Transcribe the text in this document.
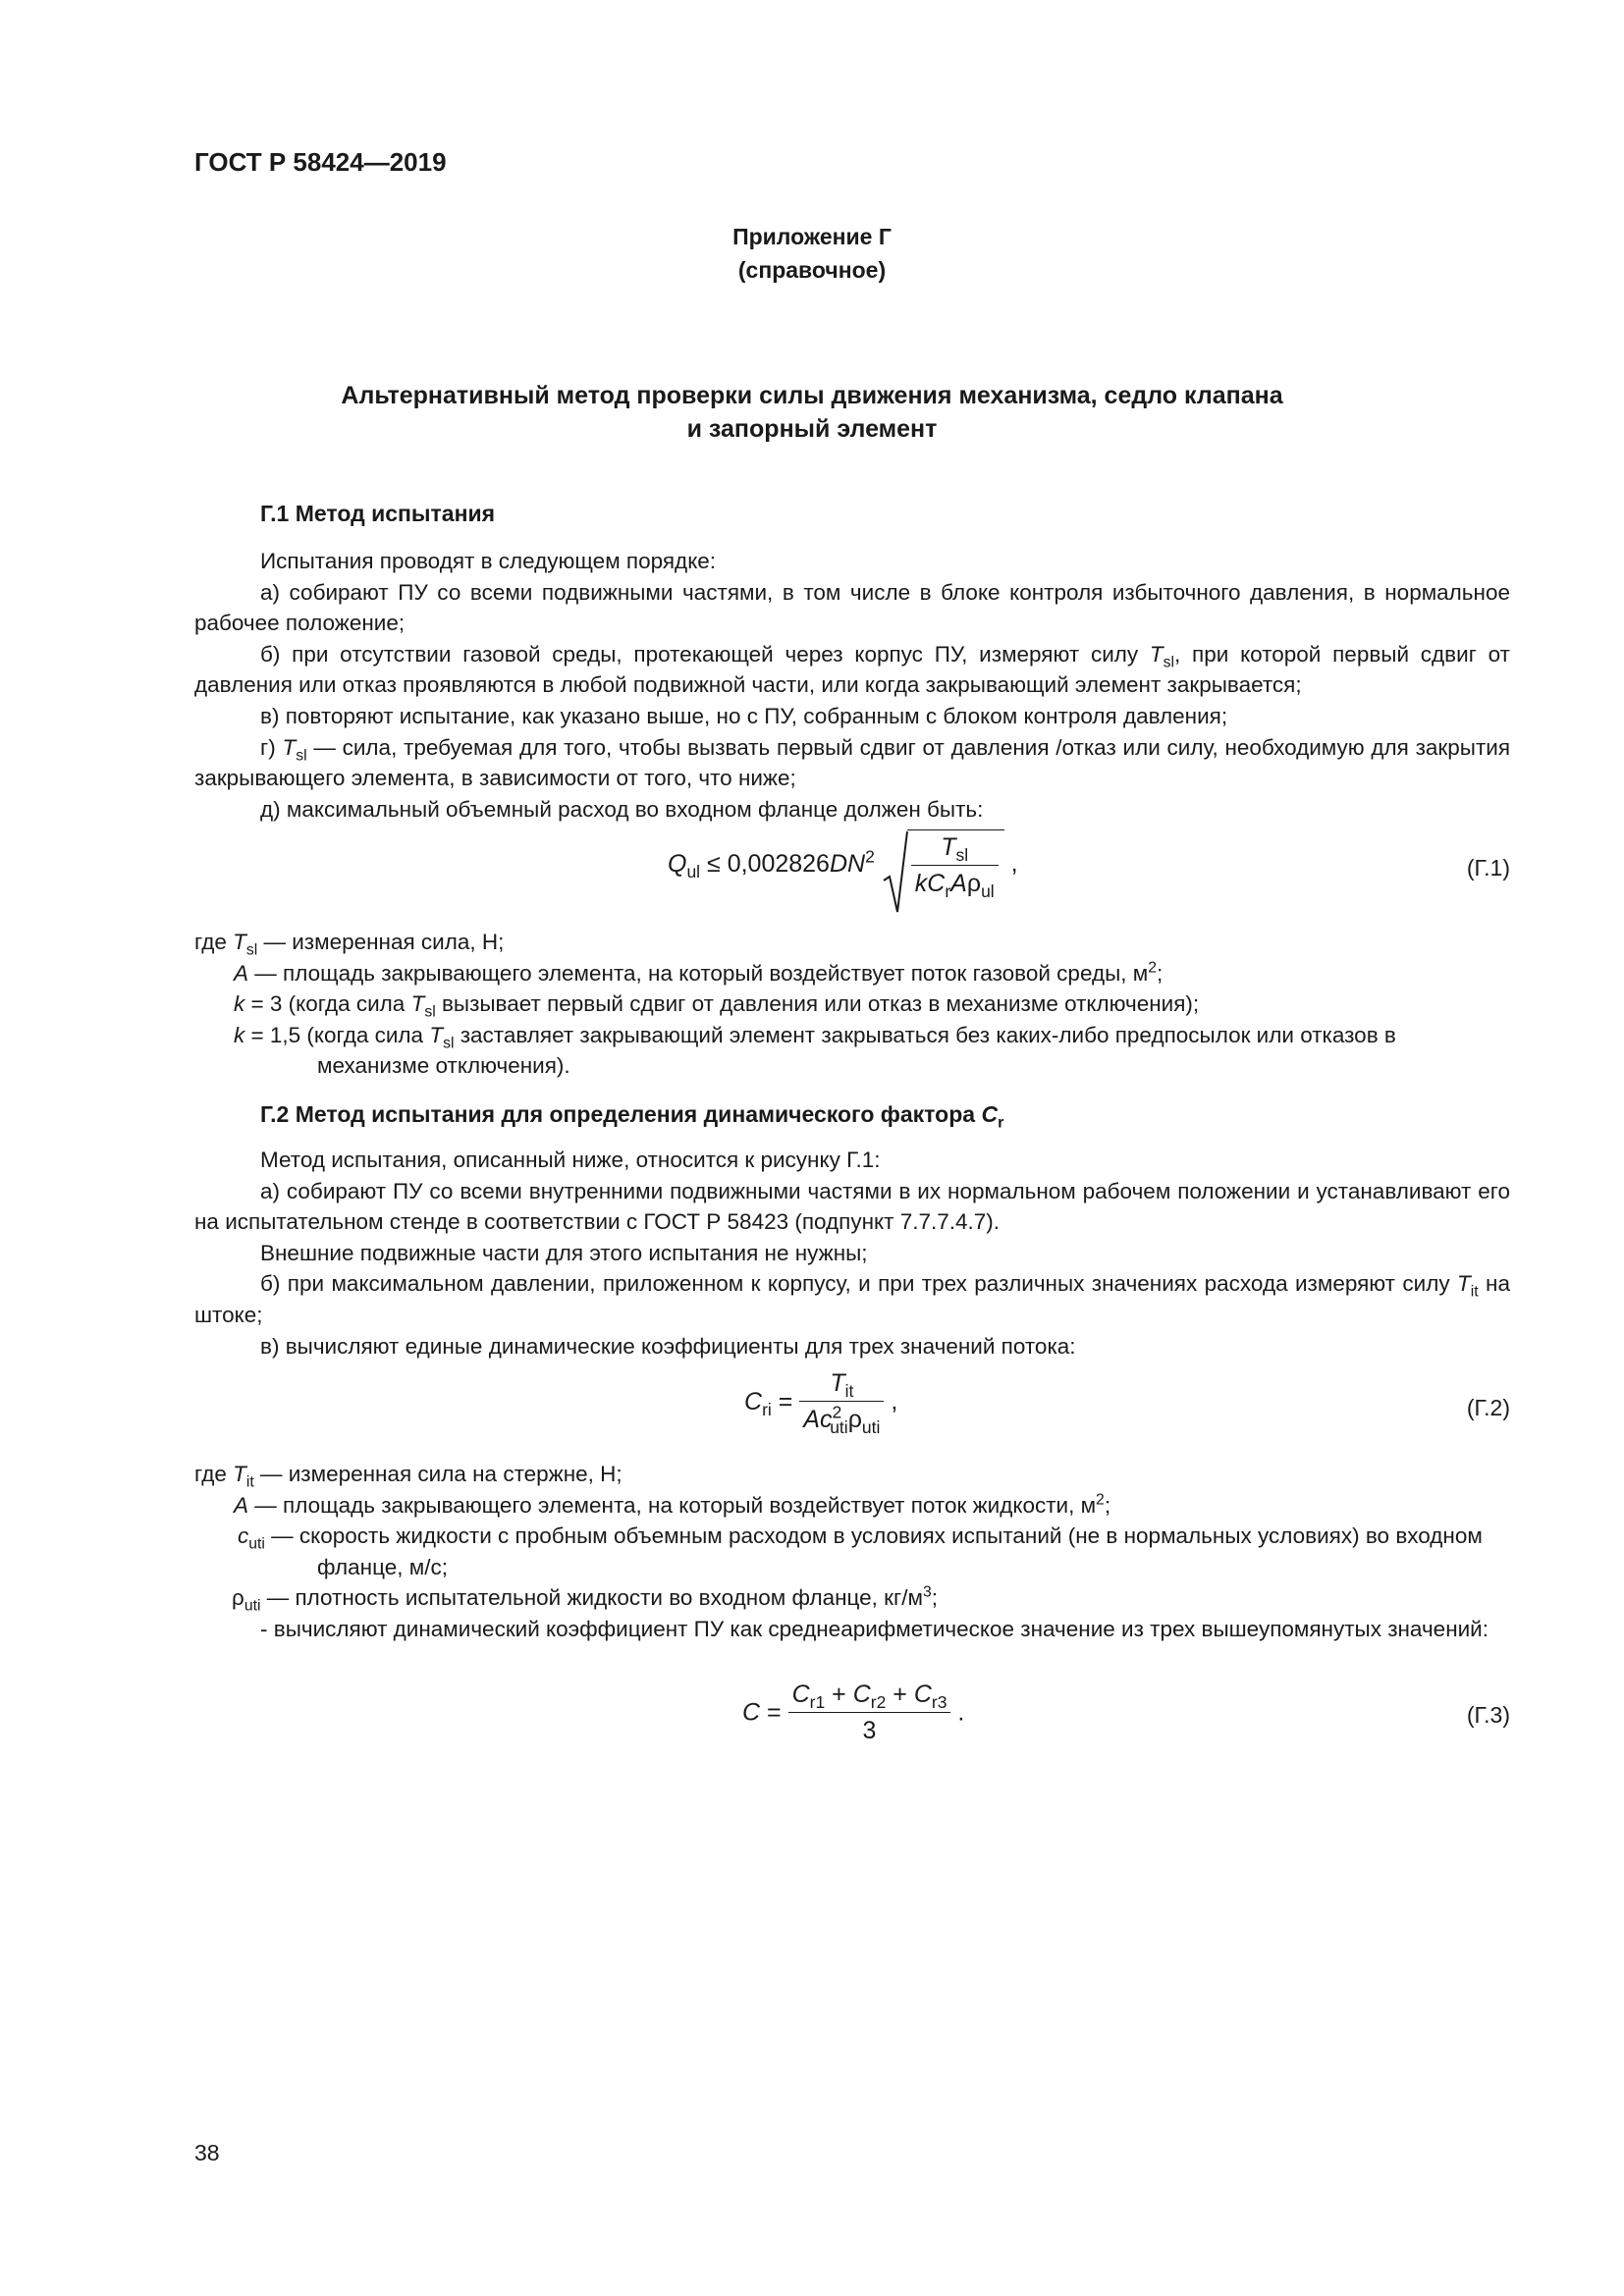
ГОСТ Р 58424—2019
Приложение Г
(справочное)
Альтернативный метод проверки силы движения механизма, седло клапана
и запорный элемент
Г.1 Метод испытания

Испытания проводят в следующем порядке:

а) собирают ПУ со всеми подвижными частями, в том числе в блоке контроля избыточного давления, в нормальное рабочее положение;

б) при отсутствии газовой среды, протекающей через корпус ПУ, измеряют силу $T_{sl}$, при которой первый сдвиг от давления или отказ проявляются в любой подвижной части, или когда закрывающий элемент закрывается;

в) повторяют испытание, как указано выше, но с ПУ, собранным с блоком контроля давления;

г) $T_{sl}$ — сила, требуемая для того, чтобы вызвать первый сдвиг от давления /отказ или силу, необходимую для закрытия закрывающего элемента, в зависимости от того, что ниже;

д) максимальный объемный расход во входном фланце должен быть:

$Q_{ul} \le 0,002826DN^2 \frac{T_{sl}}{kC_rA\rho_{ul}}$ ,	(Г.1)

где $T_{sl}$ — измеренная сила, Н;

A — площадь закрывающего элемента, на который воздействует поток газовой среды, $м^2$;

k = 3 (когда сила $T_{sl}$ вызывает первый сдвиг от давления или отказ в механизме отключения);

k = 1,5 (когда сила $T_{sl}$ заставляет закрывающий элемент закрываться без каких-либо предпосылок или отказов в механизме отключения).

Г.2 Метод испытания для определения динамического фактора $C_r$

Метод испытания, описанный ниже, относится к рисунку Г.1:

а) собирают ПУ со всеми внутренними подвижными частями в их нормальном рабочем положении и устанавливают его на испытательном стенде в соответствии с ГОСТ Р 58423 (подпункт 7.7.7.4.7).

Внешние подвижные части для этого испытания не нужны;

б) при максимальном давлении, приложенном к корпусу, и при трех различных значениях расхода измеряют силу $T_{it}$ на штоке;

в) вычисляют единые динамические коэффициенты для трех значений потока:

$C_{ri} = \frac{T_{it}}{Ac^2_{uti}\rho_{uti}}$ ,	(Г.2)

где $T_{it}$ — измеренная сила на стержне, Н;

A — площадь закрывающего элемента, на который воздействует поток жидкости, $м^2$;

$c_{uti}$ — скорость жидкости с пробным объемным расходом в условиях испытаний (не в нормальных условиях) во входном фланце, м/с;

$\rho_{uti}$ — плотность испытательной жидкости во входном фланце, $кг/м^3$;

- вычисляют динамический коэффициент ПУ как среднеарифметическое значение из трех вышеупомянутых значений:

$C = \frac{C_{r1} + C_{r2} + C_{r3}}{3}$ .	(Г.3)
38
